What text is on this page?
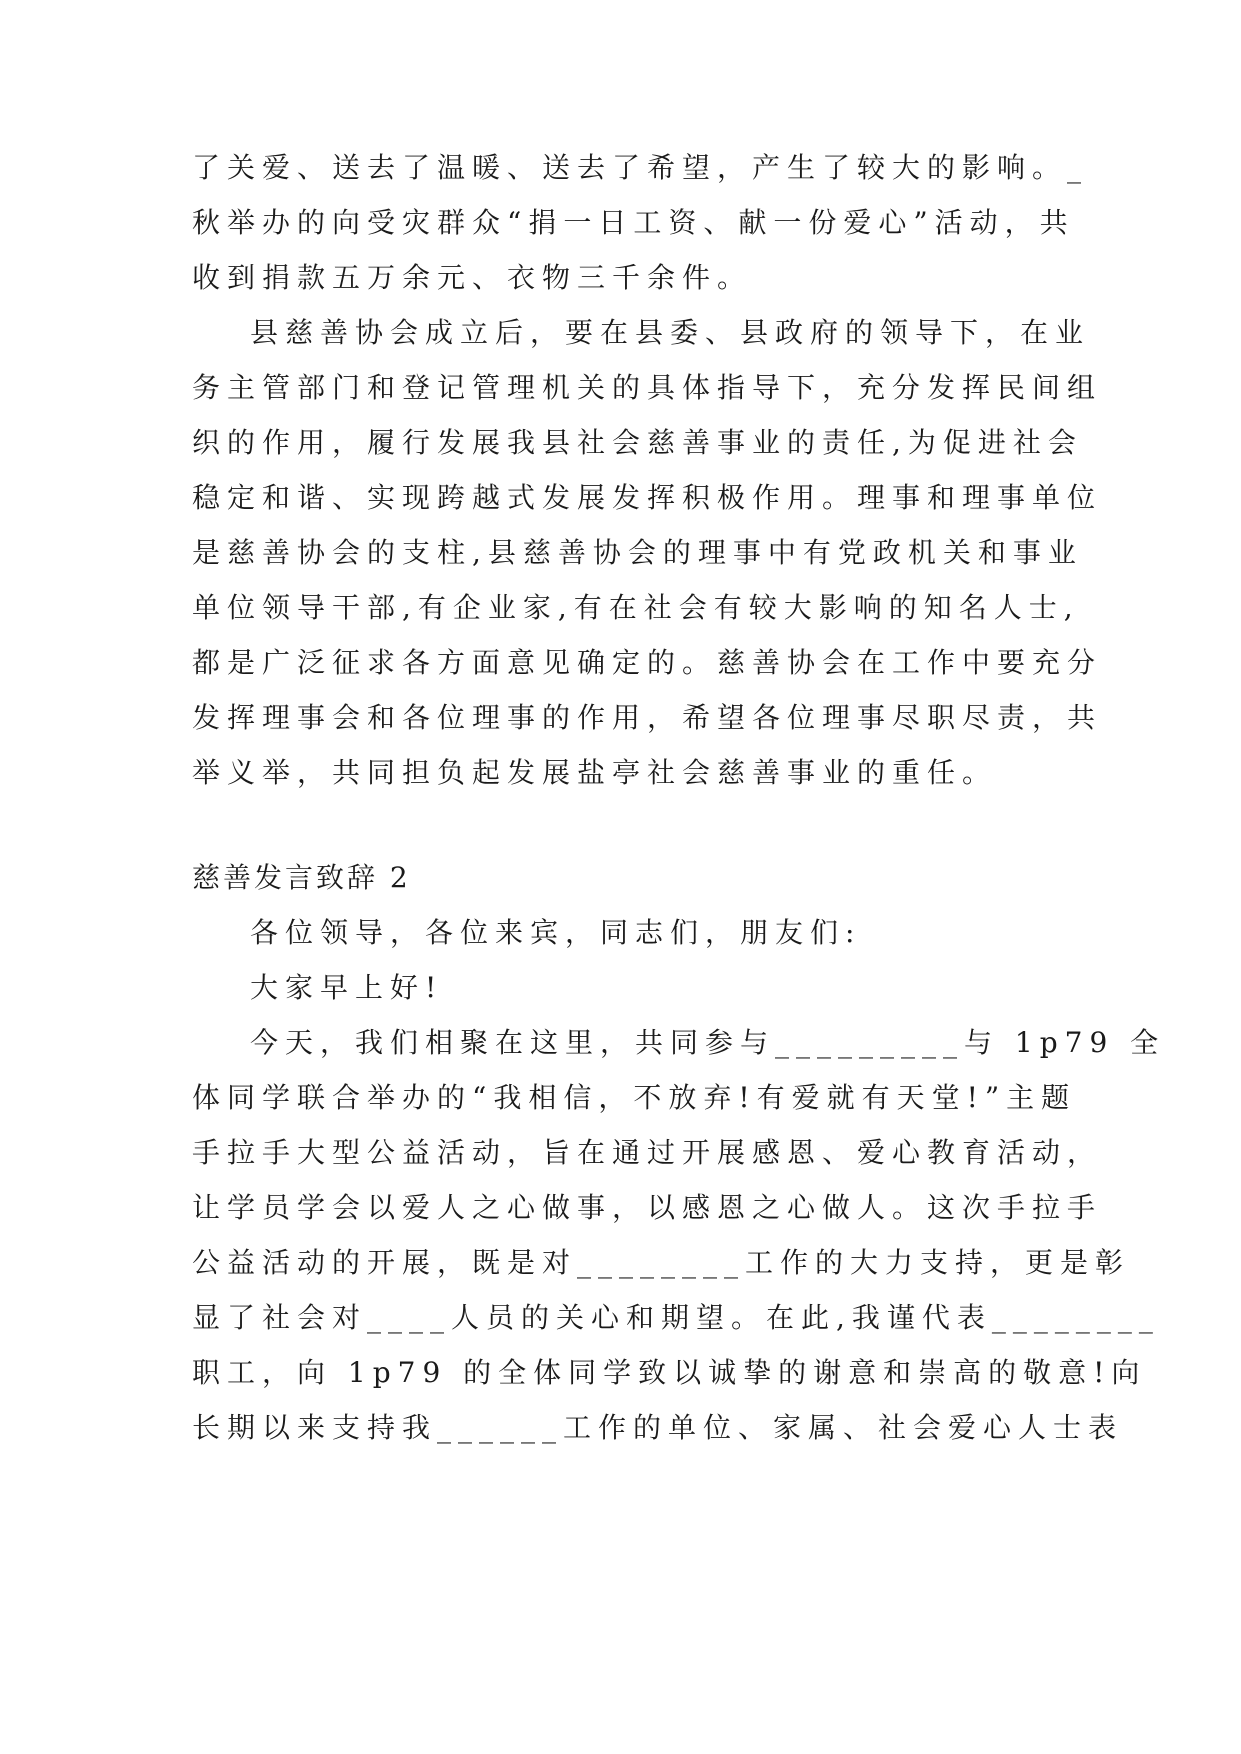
了关爱、送去了温暖、送去了希望，产生了较大的影响。_
秋举办的向受灾群众“捐一日工资、献一份爱心”活动，共
收到捐款五万余元、衣物三千余件。
县慈善协会成立后，要在县委、县政府的领导下，在业
务主管部门和登记管理机关的具体指导下，充分发挥民间组
织的作用，履行发展我县社会慈善事业的责任,为促进社会
稳定和谐、实现跨越式发展发挥积极作用。理事和理事单位
是慈善协会的支柱,县慈善协会的理事中有党政机关和事业
单位领导干部,有企业家,有在社会有较大影响的知名人士,
都是广泛征求各方面意见确定的。慈善协会在工作中要充分
发挥理事会和各位理事的作用，希望各位理事尽职尽责，共
举义举，共同担负起发展盐亭社会慈善事业的重任。
慈善发言致辞 2
各位领导，各位来宾，同志们，朋友们:
大家早上好!
今天，我们相聚在这里，共同参与_________与 1p79 全
体同学联合举办的“我相信，不放弃!有爱就有天堂!”主题
手拉手大型公益活动，旨在通过开展感恩、爱心教育活动，
让学员学会以爱人之心做事，以感恩之心做人。这次手拉手
公益活动的开展，既是对________工作的大力支持，更是彰
显了社会对____人员的关心和期望。在此,我谨代表________
职工，向 1p79 的全体同学致以诚挚的谢意和崇高的敬意!向
长期以来支持我______工作的单位、家属、社会爱心人士表
